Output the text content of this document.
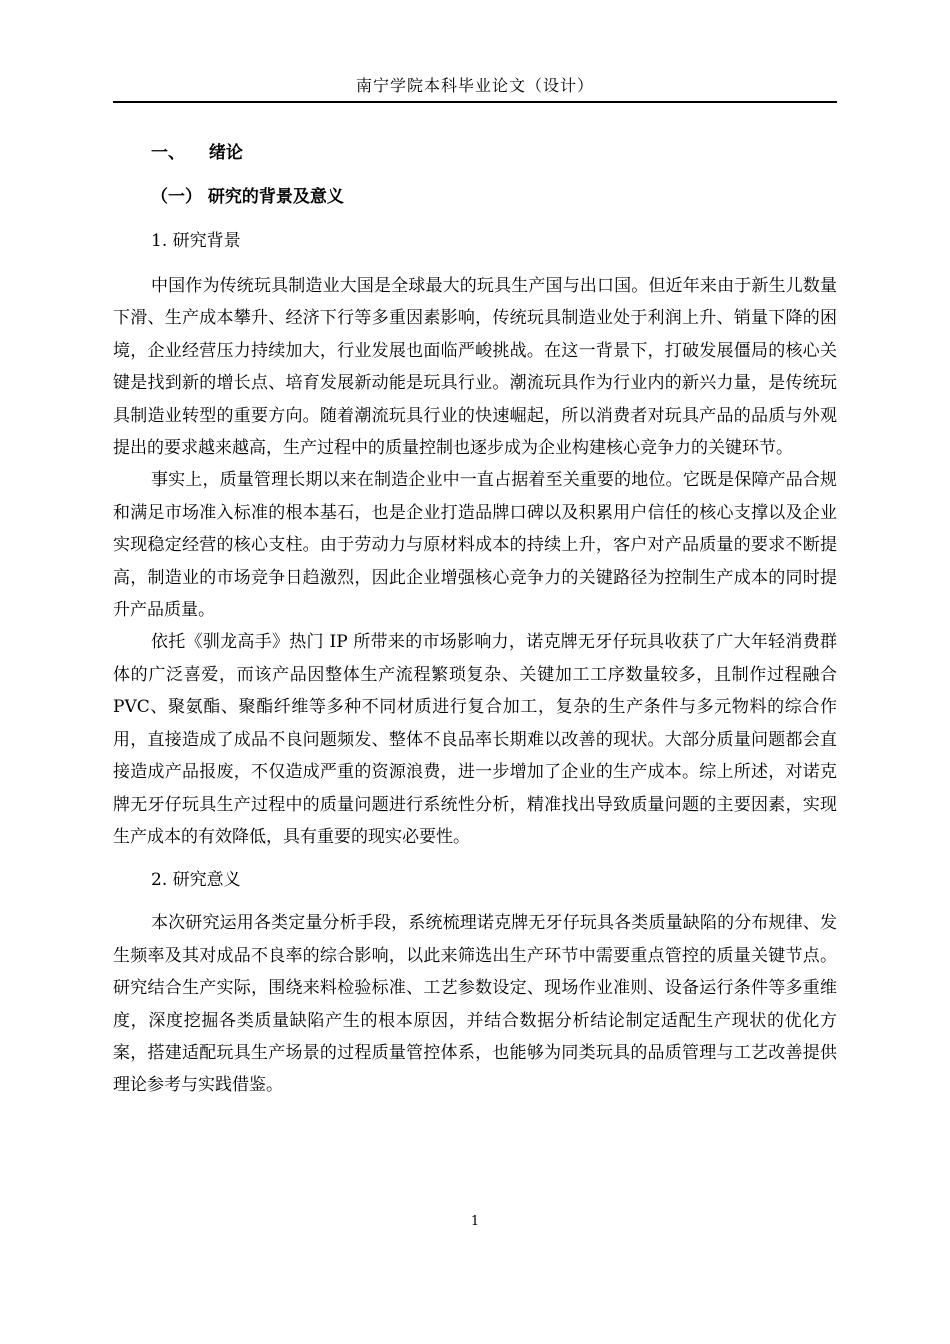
南宁学院本科毕业论文（设计）
一、 绪论
（一） 研究的背景及意义
1. 研究背景

中国作为传统玩具制造业大国是全球最大的玩具生产国与出口国。但近年来由于新生儿数量下滑、生产成本攀升、经济下行等多重因素影响，传统玩具制造业处于利润上升、销量下降的困境，企业经营压力持续加大，行业发展也面临严峻挑战。在这一背景下，打破发展僵局的核心关键是找到新的增长点、培育发展新动能是玩具行业。潮流玩具作为行业内的新兴力量，是传统玩具制造业转型的重要方向。随着潮流玩具行业的快速崛起，所以消费者对玩具产品的品质与外观提出的要求越来越高，生产过程中的质量控制也逐步成为企业构建核心竞争力的关键环节。

事实上，质量管理长期以来在制造企业中一直占据着至关重要的地位。它既是保障产品合规和满足市场准入标准的根本基石，也是企业打造品牌口碑以及积累用户信任的核心支撑以及企业实现稳定经营的核心支柱。由于劳动力与原材料成本的持续上升，客户对产品质量的要求不断提高，制造业的市场竞争日趋激烈，因此企业增强核心竞争力的关键路径为控制生产成本的同时提升产品质量。

依托《驯龙高手》热门 IP 所带来的市场影响力，诺克牌无牙仔玩具收获了广大年轻消费群体的广泛喜爱，而该产品因整体生产流程繁琐复杂、关键加工工序数量较多，且制作过程融合 PVC、聚氨酯、聚酯纤维等多种不同材质进行复合加工，复杂的生产条件与多元物料的综合作用，直接造成了成品不良问题频发、整体不良品率长期难以改善的现状。大部分质量问题都会直接造成产品报废，不仅造成严重的资源浪费，进一步增加了企业的生产成本。综上所述，对诺克牌无牙仔玩具生产过程中的质量问题进行系统性分析，精准找出导致质量问题的主要因素，实现生产成本的有效降低，具有重要的现实必要性。

2. 研究意义

本次研究运用各类定量分析手段，系统梳理诺克牌无牙仔玩具各类质量缺陷的分布规律、发生频率及其对成品不良率的综合影响，以此来筛选出生产环节中需要重点管控的质量关键节点。研究结合生产实际，围绕来料检验标准、工艺参数设定、现场作业准则、设备运行条件等多重维度，深度挖掘各类质量缺陷产生的根本原因，并结合数据分析结论制定适配生产现状的优化方案，搭建适配玩具生产场景的过程质量管控体系，也能够为同类玩具的品质管理与工艺改善提供理论参考与实践借鉴。

1
